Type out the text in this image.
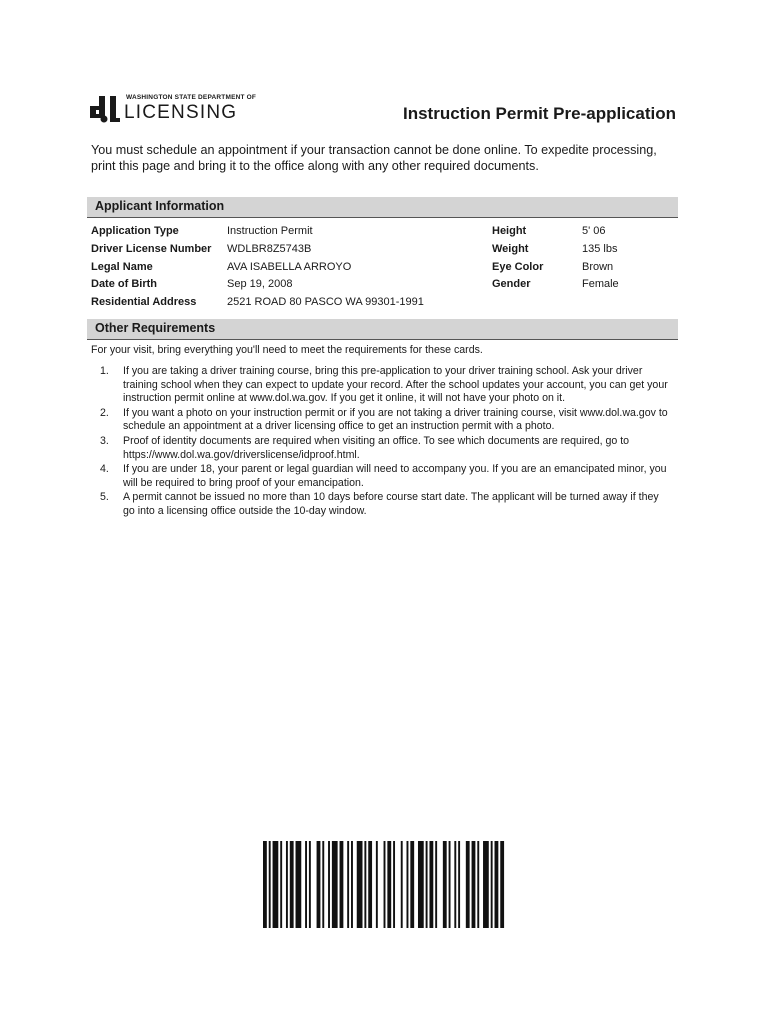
WASHINGTON STATE DEPARTMENT OF
LICENSING	Instruction Permit Pre-application
You must schedule an appointment if your transaction cannot be done online. To expedite processing, print this page and bring it to the office along with any other required documents.
Applicant Information
Application Type	Instruction Permit	Height	5' 06
Driver License Number WDLBR8Z5743B	Weight	135 lbs
Legal Name	AVA ISABELLA ARROYO	Eye Color	Brown
Date of Birth	Sep 19, 2008	Gender	Female
Residential Address	2521 ROAD 80 PASCO WA 99301-1991
Other Requirements
For your visit, bring everything you'll need to meet the requirements for these cards.
1. If you are taking a driver training course, bring this pre-application to your driver training school. Ask your driver training school when they can expect to update your record. After the school updates your account, you can get your instruction permit online at www.dol.wa.gov. If you get it online, it will not have your photo on it.
2. If you want a photo on your instruction permit or if you are not taking a driver training course, visit www.dol.wa.gov to schedule an appointment at a driver licensing office to get an instruction permit with a photo.
3. Proof of identity documents are required when visiting an office. To see which documents are required, go to https://www.dol.wa.gov/driverslicense/idproof.html.
4. If you are under 18, your parent or legal guardian will need to accompany you. If you are an emancipated minor, you will be required to bring proof of your emancipation.
5. A permit cannot be issued no more than 10 days before course start date. The applicant will be turned away if they go into a licensing office outside the 10-day window.
